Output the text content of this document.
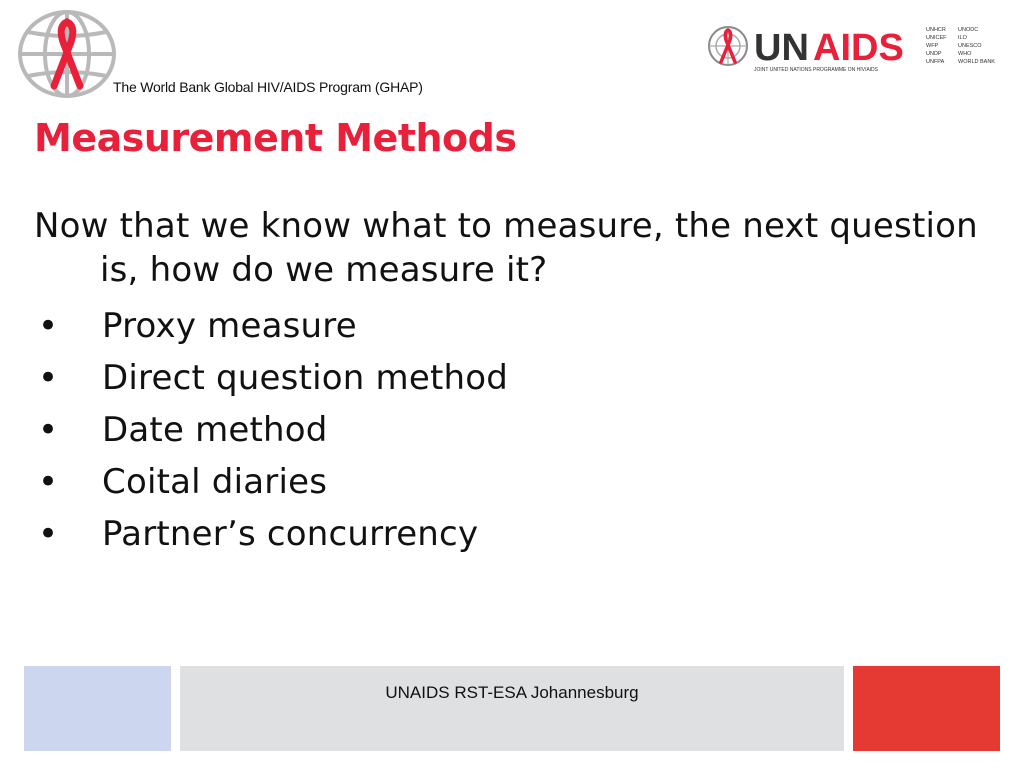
The World Bank Global HIV/AIDS Program (GHAP)
UN AIDS
JOINT UNITED NATIONS PROGRAMME ON HIV/AIDS
UNHCR
UNICEF
WFP
UNDP
UNFPA
UNODC
ILO
UNESCO
WHO
WORLD BANK
Measurement Methods

Now that we know what to measure, the next question is, how do we measure it?

•	Proxy measure
•	Direct question method
•	Date method
•	Coital diaries
•	Partner’s concurrency
UNAIDS RST-ESA Johannesburg
